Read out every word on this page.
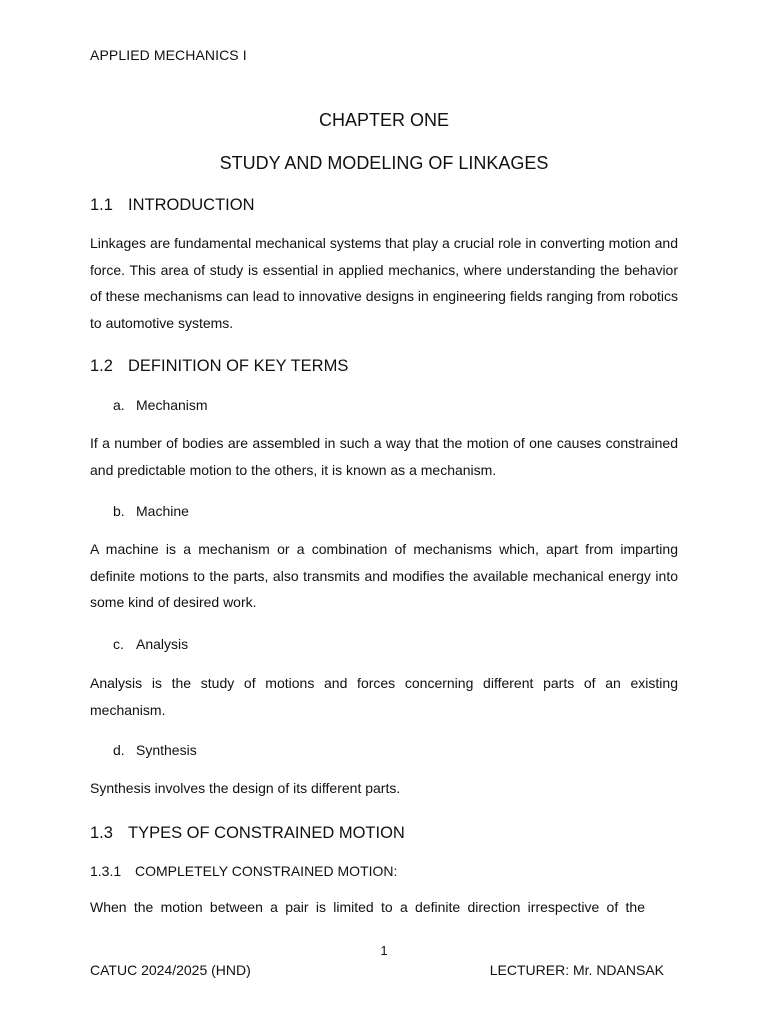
APPLIED MECHANICS I
CHAPTER ONE
STUDY AND MODELING OF LINKAGES
1.1 INTRODUCTION
Linkages are fundamental mechanical systems that play a crucial role in converting motion and force. This area of study is essential in applied mechanics, where understanding the behavior of these mechanisms can lead to innovative designs in engineering fields ranging from robotics to automotive systems.
1.2 DEFINITION OF KEY TERMS
a. Mechanism
If a number of bodies are assembled in such a way that the motion of one causes constrained and predictable motion to the others, it is known as a mechanism.
b. Machine
A machine is a mechanism or a combination of mechanisms which, apart from imparting definite motions to the parts, also transmits and modifies the available mechanical energy into some kind of desired work.
c. Analysis
Analysis is the study of motions and forces concerning different parts of an existing mechanism.
d. Synthesis
Synthesis involves the design of its different parts.
1.3 TYPES OF CONSTRAINED MOTION
1.3.1 COMPLETELY CONSTRAINED MOTION:
When the motion between a pair is limited to a definite direction irrespective of the
1
CATUC 2024/2025 (HND)	LECTURER: Mr. NDANSAK
